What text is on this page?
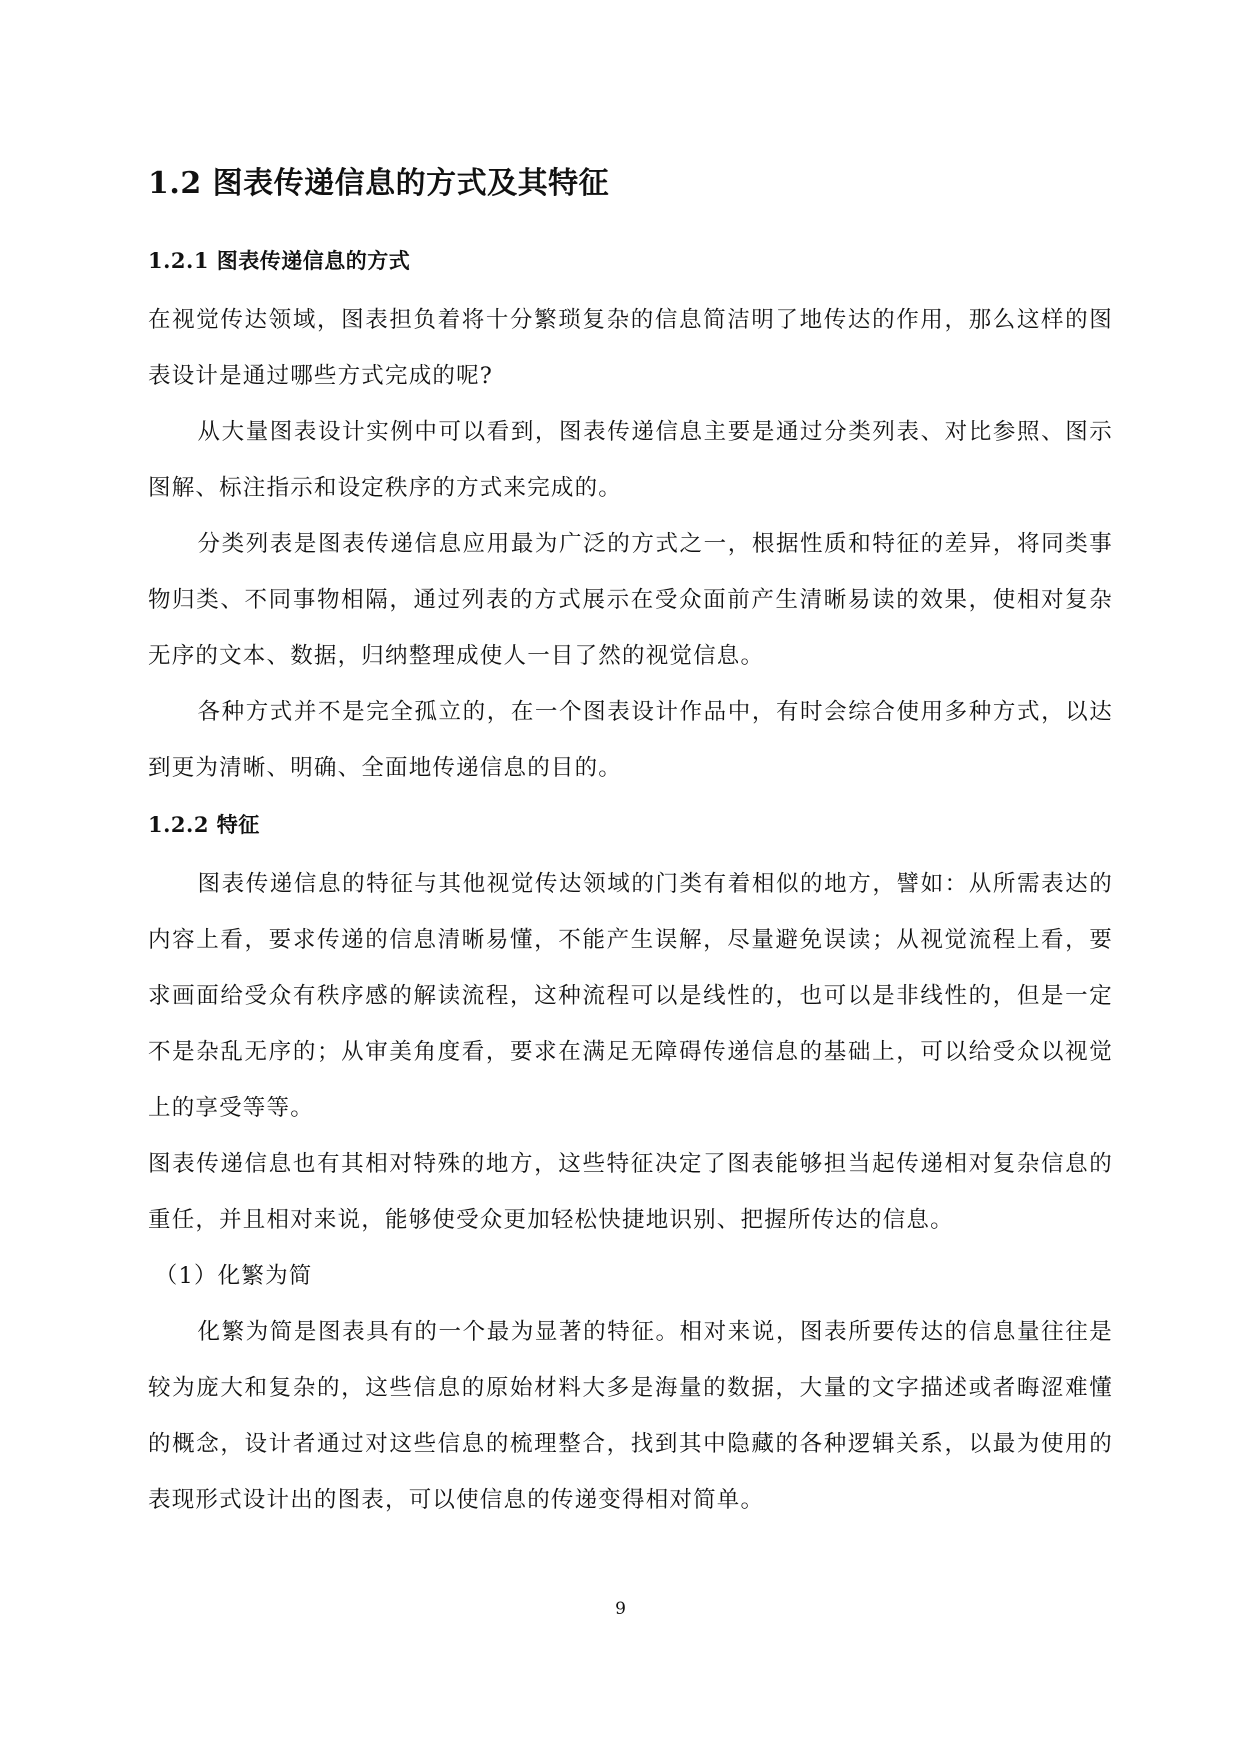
1.2 图表传递信息的方式及其特征
1.2.1 图表传递信息的方式

在视觉传达领域，图表担负着将十分繁琐复杂的信息简洁明了地传达的作用，那么这样的图表设计是通过哪些方式完成的呢?

从大量图表设计实例中可以看到，图表传递信息主要是通过分类列表、对比参照、图示图解、标注指示和设定秩序的方式来完成的。

分类列表是图表传递信息应用最为广泛的方式之一，根据性质和特征的差异，将同类事物归类、不同事物相隔，通过列表的方式展示在受众面前产生清晰易读的效果，使相对复杂无序的文本、数据，归纳整理成使人一目了然的视觉信息。

各种方式并不是完全孤立的，在一个图表设计作品中，有时会综合使用多种方式，以达到更为清晰、明确、全面地传递信息的目的。

1.2.2 特征

图表传递信息的特征与其他视觉传达领域的门类有着相似的地方，譬如：从所需表达的内容上看，要求传递的信息清晰易懂，不能产生误解，尽量避免误读；从视觉流程上看，要求画面给受众有秩序感的解读流程，这种流程可以是线性的，也可以是非线性的，但是一定不是杂乱无序的；从审美角度看，要求在满足无障碍传递信息的基础上，可以给受众以视觉上的享受等等。

图表传递信息也有其相对特殊的地方，这些特征决定了图表能够担当起传递相对复杂信息的重任，并且相对来说，能够使受众更加轻松快捷地识别、把握所传达的信息。

（1）化繁为简

化繁为简是图表具有的一个最为显著的特征。相对来说，图表所要传达的信息量往往是较为庞大和复杂的，这些信息的原始材料大多是海量的数据，大量的文字描述或者晦涩难懂的概念，设计者通过对这些信息的梳理整合，找到其中隐藏的各种逻辑关系，以最为使用的表现形式设计出的图表，可以使信息的传递变得相对简单。

9
